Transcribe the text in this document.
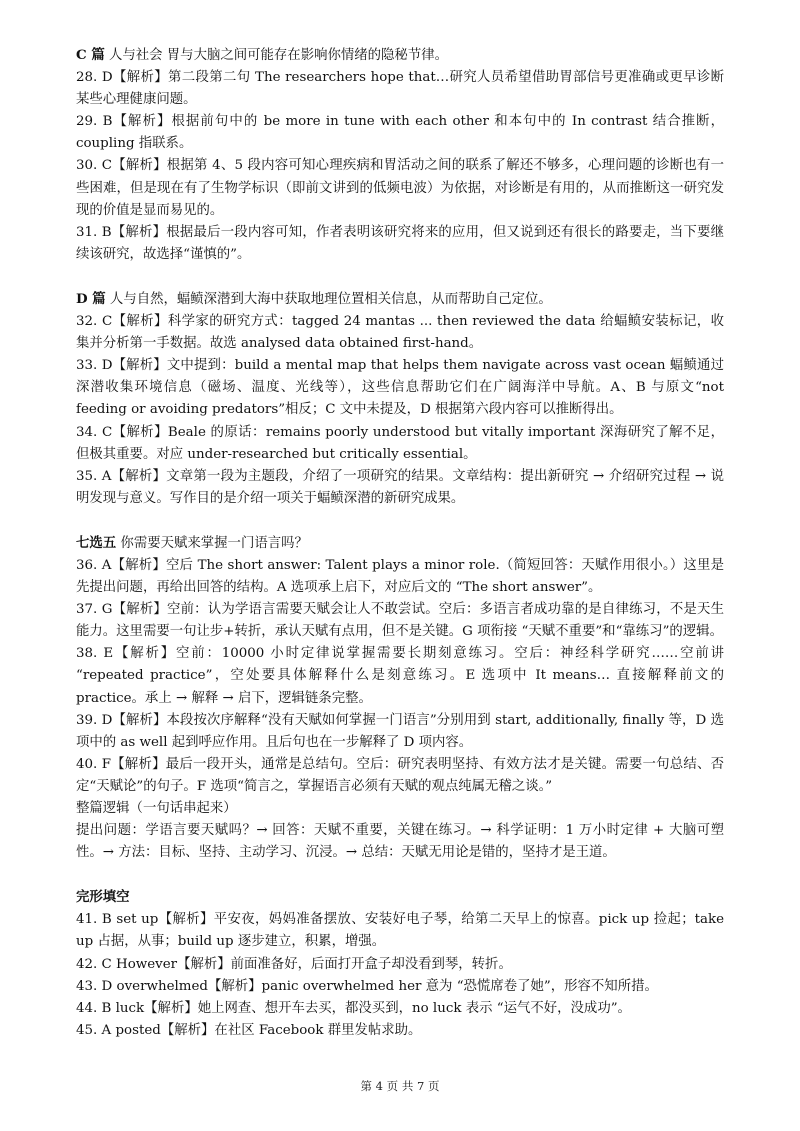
C 篇 人与社会 胃与大脑之间可能存在影响你情绪的隐秘节律。

28. D【解析】第二段第二句 The researchers hope that…研究人员希望借助胃部信号更准确或更早诊断某些心理健康问题。

29. B【解析】根据前句中的 be more in tune with each other 和本句中的 In contrast 结合推断，coupling 指联系。

30. C【解析】根据第 4、5 段内容可知心理疾病和胃活动之间的联系了解还不够多，心理问题的诊断也有一些困难，但是现在有了生物学标识（即前文讲到的低频电波）为依据，对诊断是有用的，从而推断这一研究发现的价值是显而易见的。

31. B【解析】根据最后一段内容可知，作者表明该研究将来的应用，但又说到还有很长的路要走，当下要继续该研究，故选择“谨慎的”。

D 篇 人与自然，蝠鲼深潜到大海中获取地理位置相关信息，从而帮助自己定位。

32. C【解析】科学家的研究方式：tagged 24 mantas ... then reviewed the data 给蝠鲼安装标记，收集并分析第一手数据。故选 analysed data obtained first-hand。

33. D【解析】文中提到：build a mental map that helps them navigate across vast ocean 蝠鲼通过深潜收集环境信息（磁场、温度、光线等），这些信息帮助它们在广阔海洋中导航。A、B 与原文“not feeding or avoiding predators”相反；C 文中未提及，D 根据第六段内容可以推断得出。

34. C【解析】Beale 的原话：remains poorly understood but vitally important 深海研究了解不足，但极其重要。对应 under-researched but critically essential。

35. A【解析】文章第一段为主题段，介绍了一项研究的结果。文章结构：提出新研究 → 介绍研究过程 → 说明发现与意义。写作目的是介绍一项关于蝠鲼深潜的新研究成果。

七选五 你需要天赋来掌握一门语言吗？

36. A【解析】空后 The short answer: Talent plays a minor role.（简短回答：天赋作用很小。）这里是先提出问题，再给出回答的结构。A 选项承上启下，对应后文的 “The short answer”。

37. G【解析】空前：认为学语言需要天赋会让人不敢尝试。空后：多语言者成功靠的是自律练习，不是天生能力。这里需要一句让步+转折，承认天赋有点用，但不是关键。G 项衔接 “天赋不重要”和“靠练习”的逻辑。

38. E【解析】空前：10000 小时定律说掌握需要长期刻意练习。空后：神经科学研究……空前讲 “repeated practice”，空处要具体解释什么是刻意练习。E 选项中 It means… 直接解释前文的 practice。承上 → 解释 → 启下，逻辑链条完整。

39. D【解析】本段按次序解释“没有天赋如何掌握一门语言”分别用到 start, additionally, finally 等，D 选项中的 as well 起到呼应作用。且后句也在一步解释了 D 项内容。

40. F【解析】最后一段开头，通常是总结句。空后：研究表明坚持、有效方法才是关键。需要一句总结、否定“天赋论”的句子。F 选项“简言之，掌握语言必须有天赋的观点纯属无稽之谈。”

整篇逻辑（一句话串起来）

提出问题：学语言要天赋吗？→ 回答：天赋不重要，关键在练习。→ 科学证明：1 万小时定律 + 大脑可塑性。→ 方法：目标、坚持、主动学习、沉浸。→ 总结：天赋无用论是错的，坚持才是王道。

完形填空

41. B set up【解析】平安夜，妈妈准备摆放、安装好电子琴，给第二天早上的惊喜。pick up 捡起；take up 占据，从事；build up 逐步建立，积累，增强。

42. C However【解析】前面准备好，后面打开盒子却没看到琴，转折。

43. D overwhelmed【解析】panic overwhelmed her 意为 “恐慌席卷了她”，形容不知所措。

44. B luck【解析】她上网查、想开车去买，都没买到，no luck 表示 “运气不好，没成功”。

45. A posted【解析】在社区 Facebook 群里发帖求助。

第 4 页 共 7 页
